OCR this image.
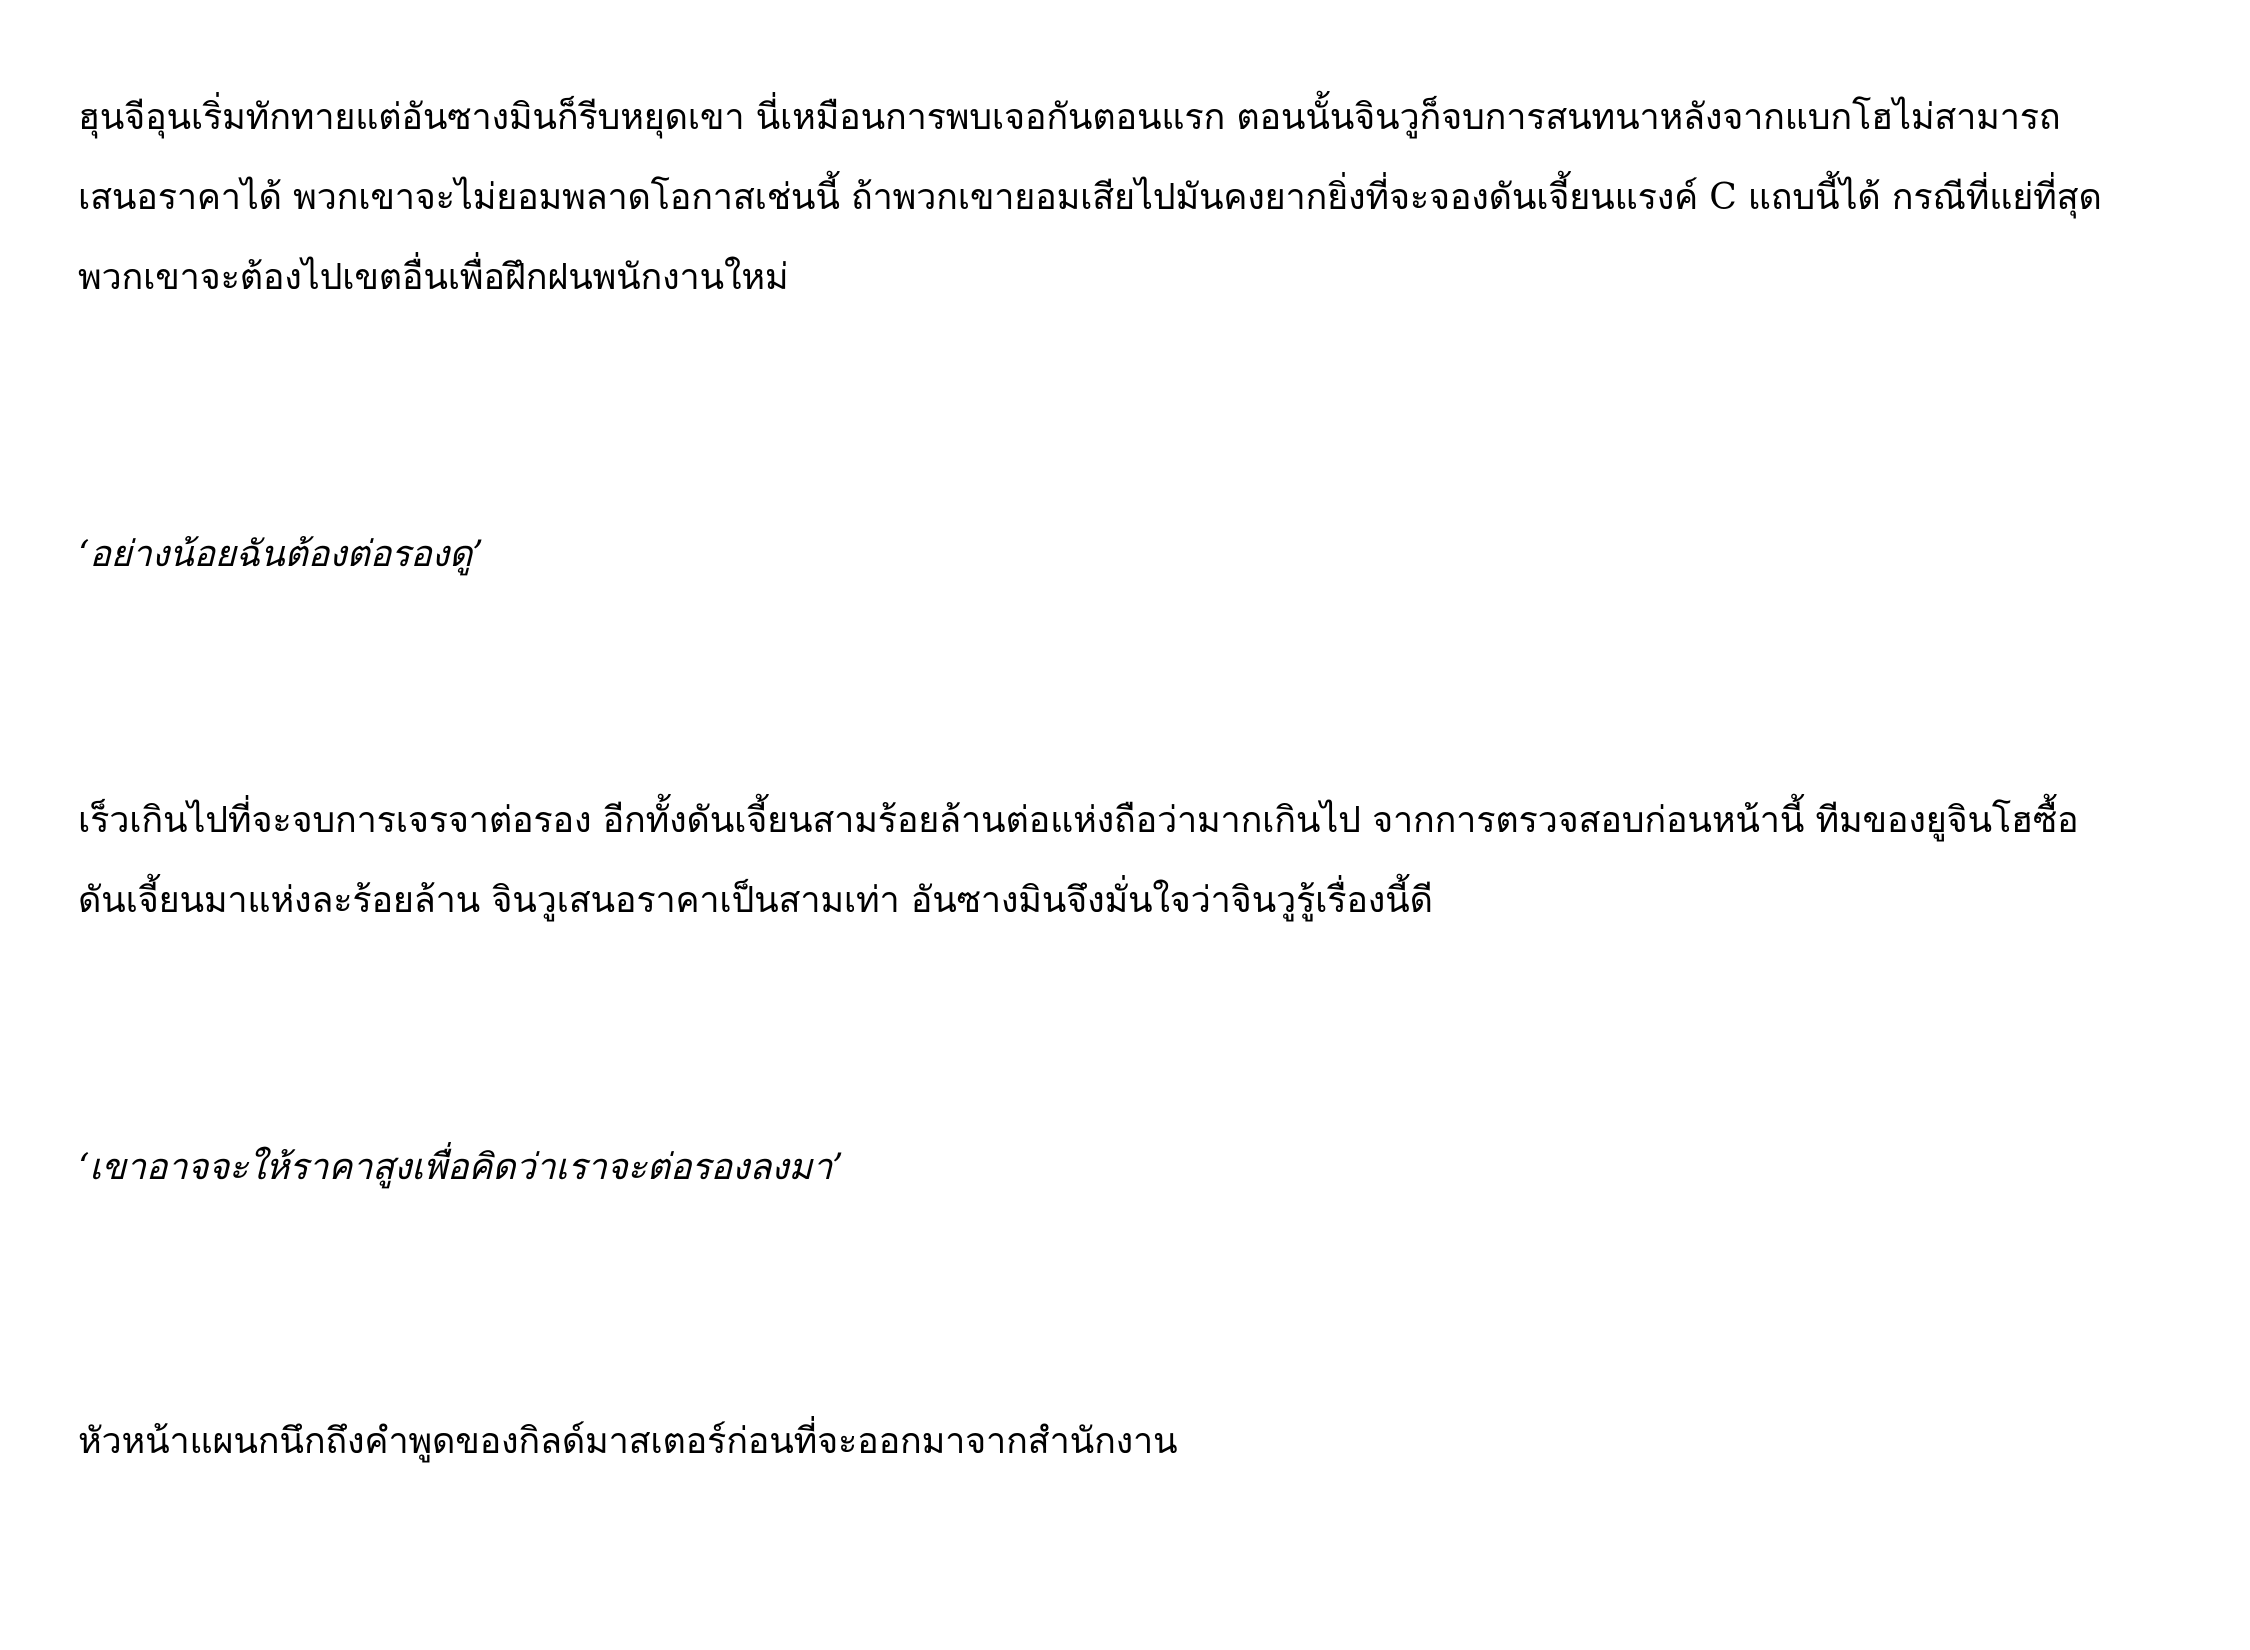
ฮุนจีอุนเริ่มทักทายแต่อันซางมินก็รีบหยุดเขา นี่เหมือนการพบเจอกันตอนแรก ตอนนั้นจินวูก็จบการสนทนาหลังจากแบกโฮไม่สามารถ
เสนอราคาได้ พวกเขาจะไม่ยอมพลาดโอกาสเช่นนี้ ถ้าพวกเขายอมเสียไปมันคงยากยิ่งที่จะจองดันเจี้ยนแรงค์ C แถบนี้ได้ กรณีที่แย่ที่สุด
พวกเขาจะต้องไปเขตอื่นเพื่อฝึกฝนพนักงานใหม่

‘อย่างน้อยฉันต้องต่อรองดู’

เร็วเกินไปที่จะจบการเจรจาต่อรอง อีกทั้งดันเจี้ยนสามร้อยล้านต่อแห่งถือว่ามากเกินไป จากการตรวจสอบก่อนหน้านี้ ทีมของยูจินโฮซื้อ
ดันเจี้ยนมาแห่งละร้อยล้าน จินวูเสนอราคาเป็นสามเท่า อันซางมินจึงมั่นใจว่าจินวูรู้เรื่องนี้ดี

‘เขาอาจจะให้ราคาสูงเพื่อคิดว่าเราจะต่อรองลงมา’

หัวหน้าแผนกนึกถึงคำพูดของกิลด์มาสเตอร์ก่อนที่จะออกมาจากสำนักงาน
